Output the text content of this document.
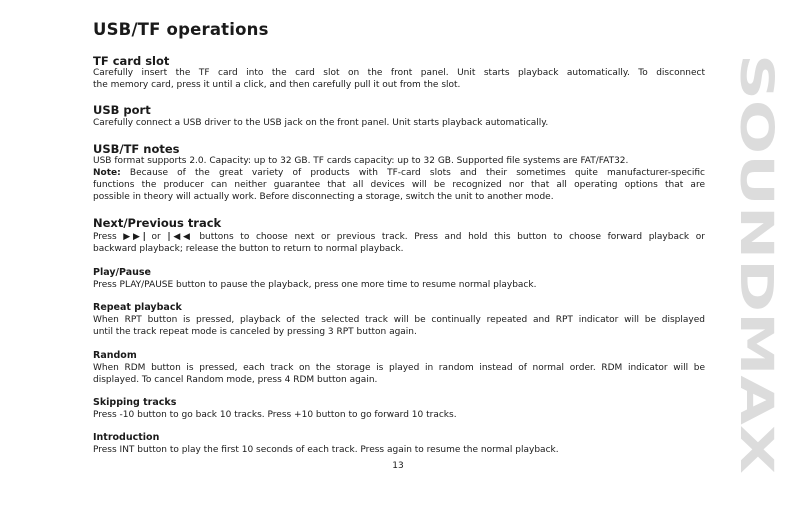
USB/TF operations
TF card slot
Carefully insert the TF card into the card slot on the front panel. Unit starts playback automatically. To disconnect
the memory card, press it until a click, and then carefully pull it out from the slot.
USB port
Carefully connect a USB driver to the USB jack on the front panel. Unit starts playback automatically.
USB/TF notes
USB format supports 2.0. Capacity: up to 32 GB. TF cards capacity: up to 32 GB. Supported file systems are FAT/FAT32.
Note: Because of the great variety of products with TF-card slots and their sometimes quite manufacturer-specific
functions the producer can neither guarantee that all devices will be recognized nor that all operating options that are
possible in theory will actually work. Before disconnecting a storage, switch the unit to another mode.
Next/Previous track
Press ▶▶| or |◀◀ buttons to choose next or previous track. Press and hold this button to choose forward playback or
backward playback; release the button to return to normal playback.
Play/Pause
Press PLAY/PAUSE button to pause the playback, press one more time to resume normal playback.
Repeat playback
When RPT button is pressed, playback of the selected track will be continually repeated and RPT indicator will be displayed
until the track repeat mode is canceled by pressing 3 RPT button again.
Random
When RDM button is pressed, each track on the storage is played in random instead of normal order. RDM indicator will be
displayed. To cancel Random mode, press 4 RDM button again.
Skipping tracks
Press -10 button to go back 10 tracks. Press +10 button to go forward 10 tracks.
Introduction
Press INT button to play the first 10 seconds of each track. Press again to resume the normal playback.
13
SOUNDMAX
